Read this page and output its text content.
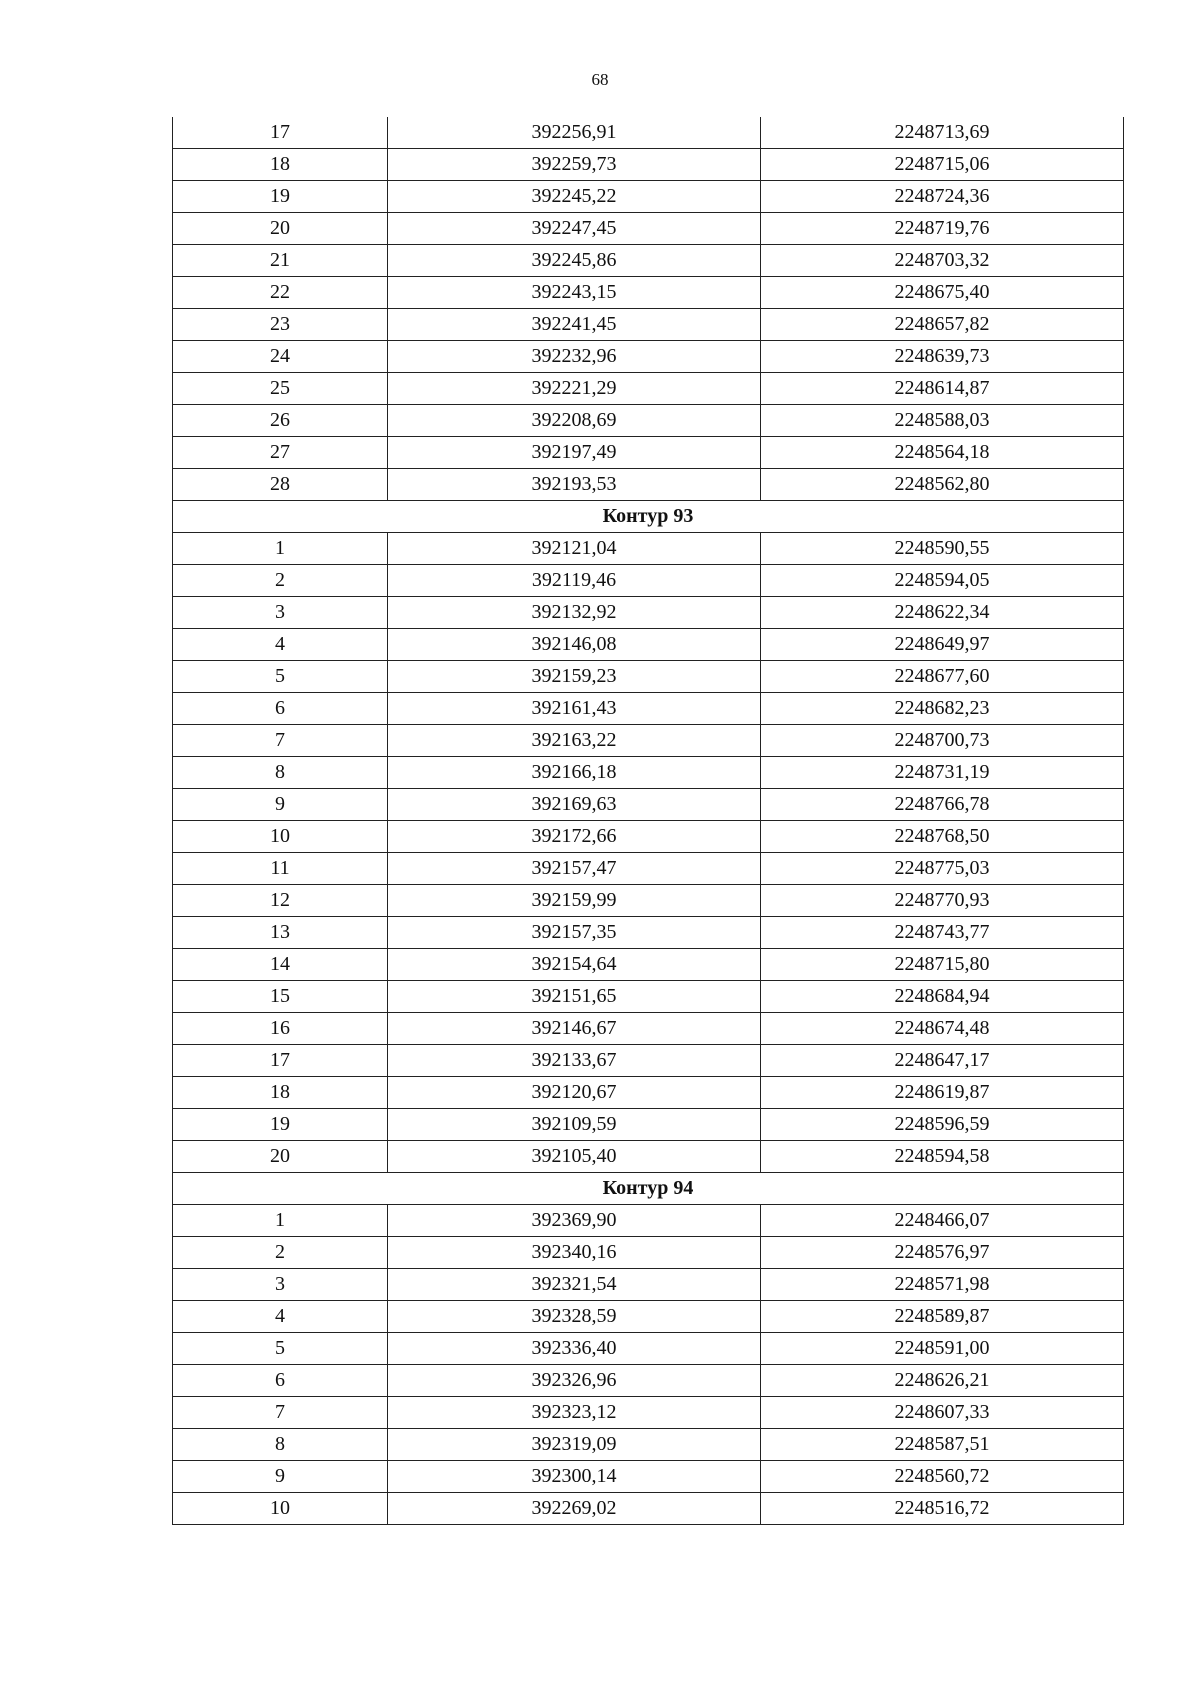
68
17	392256,91	2248713,69
18	392259,73	2248715,06
19	392245,22	2248724,36
20	392247,45	2248719,76
21	392245,86	2248703,32
22	392243,15	2248675,40
23	392241,45	2248657,82
24	392232,96	2248639,73
25	392221,29	2248614,87
26	392208,69	2248588,03
27	392197,49	2248564,18
28	392193,53	2248562,80
Контур 93		
1	392121,04	2248590,55
2	392119,46	2248594,05
3	392132,92	2248622,34
4	392146,08	2248649,97
5	392159,23	2248677,60
6	392161,43	2248682,23
7	392163,22	2248700,73
8	392166,18	2248731,19
9	392169,63	2248766,78
10	392172,66	2248768,50
11	392157,47	2248775,03
12	392159,99	2248770,93
13	392157,35	2248743,77
14	392154,64	2248715,80
15	392151,65	2248684,94
16	392146,67	2248674,48
17	392133,67	2248647,17
18	392120,67	2248619,87
19	392109,59	2248596,59
20	392105,40	2248594,58
Контур 94		
1	392369,90	2248466,07
2	392340,16	2248576,97
3	392321,54	2248571,98
4	392328,59	2248589,87
5	392336,40	2248591,00
6	392326,96	2248626,21
7	392323,12	2248607,33
8	392319,09	2248587,51
9	392300,14	2248560,72
10	392269,02	2248516,72
